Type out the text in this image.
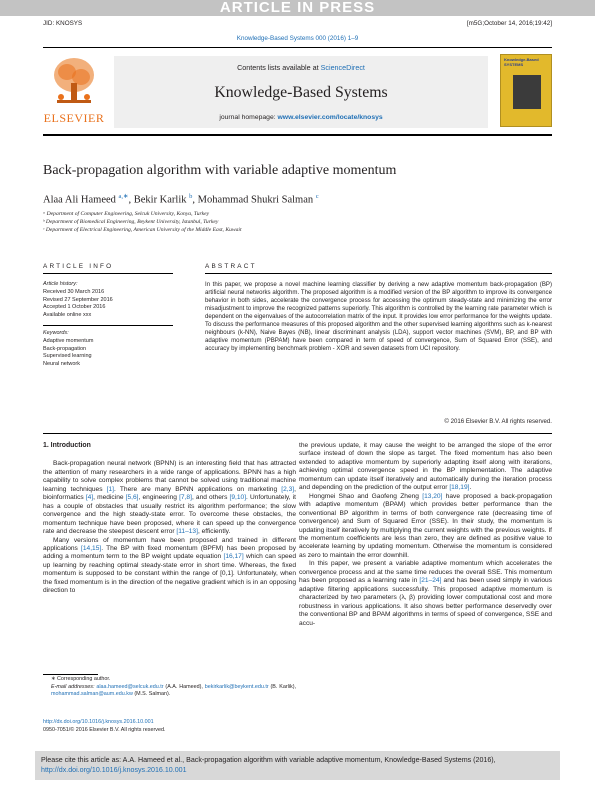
ARTICLE IN PRESS
JID: KNOSYS	[m5G;October 14, 2016;19:42]
Knowledge-Based Systems 000 (2016) 1–9
ELSEVIER
Contents lists available at ScienceDirect
Knowledge-Based Systems
journal homepage: www.elsevier.com/locate/knosys
Knowledge-Based SYSTEMS
Back-propagation algorithm with variable adaptive momentum
Alaa Ali Hameed $^{a,∗}$, Bekir Karlik $^b$, Mohammad Shukri Salman $^c$
ᵃ Department of Computer Engineering, Selcuk University, Konya, Turkey
ᵇ Department of Biomedical Engineering, Beykent University, Istanbul, Turkey
ᶜ Department of Electrical Engineering, American University of the Middle East, Kuwait
ARTICLE INFO	ABSTRACT
Article history:
Received 30 March 2016
Revised 27 September 2016
Accepted 1 October 2016
Available online xxx
Keywords:
Adaptive momentum
Back-propagation
Supervised learning
Neural network
In this paper, we propose a novel machine learning classifier by deriving a new adaptive momentum back-propagation (BP) artificial neural networks algorithm. The proposed algorithm is a modified version of the BP algorithm to improve its convergence behavior in both sides, accelerate the convergence process for accessing the optimum steady-state and minimizing the error misadjustment to improve the recognized patterns superiorly. This algorithm is controlled by the learning rate parameter which is dependent on the eigenvalues of the autocorrelation matrix of the input. It provides low error performance for the weights update. To discuss the performance measures of this proposed algorithm and the other supervised learning algorithms such as k-nearest neighbours (k-NN), Naive Bayes (NB), linear discriminant analysis (LDA), support vector machines (SVM), BP, and BP with adaptive momentum (PBPAM) have been compared in term of speed of convergence, Sum of Squared Error (SSE), and accuracy by implementing benchmark problem - XOR and seven datasets from UCI repository.
© 2016 Elsevier B.V. All rights reserved.
1. Introduction

Back-propagation neural network (BPNN) is an interesting field that has attracted the attention of many researchers in a wide range of applications. BPNN has a high capability to solve complex problems that cannot be solved using traditional machine learning techniques [1]. There are many BPNN applications on marketing [2,3], bioinformatics [4], medicine [5,6], engineering [7,8], and others [9,10]. Unfortunately, it has a couple of obstacles that usually restrict its algorithm performance; the slow convergence and the high steady-state error. To overcome these obstacles, the momentum technique have been proposed, where it can speed up the convergence rate and decrease the steepest descent error [11–13], efficiently.

Many versions of momentum have been proposed and trained in different applications [14,15]. The BP with fixed momentum (BPFM) has been proposed by adding a momentum term to the BP weight update equation [16,17] which can speed up learning by reaching optimal steady-state error in short time. Whereas, the fixed momentum is supposed to be constant within the range of [0,1]. Unfortunately, when the fixed momentum is in the direction of the negative gradient which is in an opposing direction to

the previous update, it may cause the weight to be arranged the slope of the error surface instead of down the slope as target. The fixed momentum has also been extended to adaptive momentum by superiorly adapting itself along with iterations, achieving optimal convergence speed in the BP implementation. The adaptive momentum can update itself iteratively and automatically during the iteration process and depending on the prediction of the output error [18,19].

Hongmei Shao and Gaofeng Zheng [13,20] have proposed a back-propagation with adaptive momentum (BPAM) which provides better performance than the conventional BP algorithm in terms of both convergence rate (decreasing time of convergence) and Sum of Squared Error (SSE). In their study, the momentum is updating itself iteratively by multiplying the current weights with the previous weights. If the momentum coefficients are less than zero, they are defined as positive value to accelerate learning by updating momentum. Otherwise the momentum is considered as zero to maintain the error downhill.

In this paper, we present a variable adaptive momentum which accelerates the convergence process and at the same time reduces the overall SSE. This momentum has been proposed as a learning rate in [21–24] and has been used simply in various adaptive filtering applications successfully. This proposed adaptive momentum is characterized by two parameters (λ, β) providing lower computational cost and more robustness in various applications. It also shows better performance deservedly over the conventional BP and BPAM algorithms in terms of speed of convergence, SSE and accu-

∗ Corresponding author.
E-mail addresses: alaa.hameed@selcuk.edu.tr (A.A. Hameed), bekirkarlik@beykent.edu.tr (B. Karlik), mohammad.salman@aum.edu.kw (M.S. Salman).
http://dx.doi.org/10.1016/j.knosys.2016.10.001
0950-7051/© 2016 Elsevier B.V. All rights reserved.
Please cite this article as: A.A. Hameed et al., Back-propagation algorithm with variable adaptive momentum, Knowledge-Based Systems (2016), http://dx.doi.org/10.1016/j.knosys.2016.10.001
